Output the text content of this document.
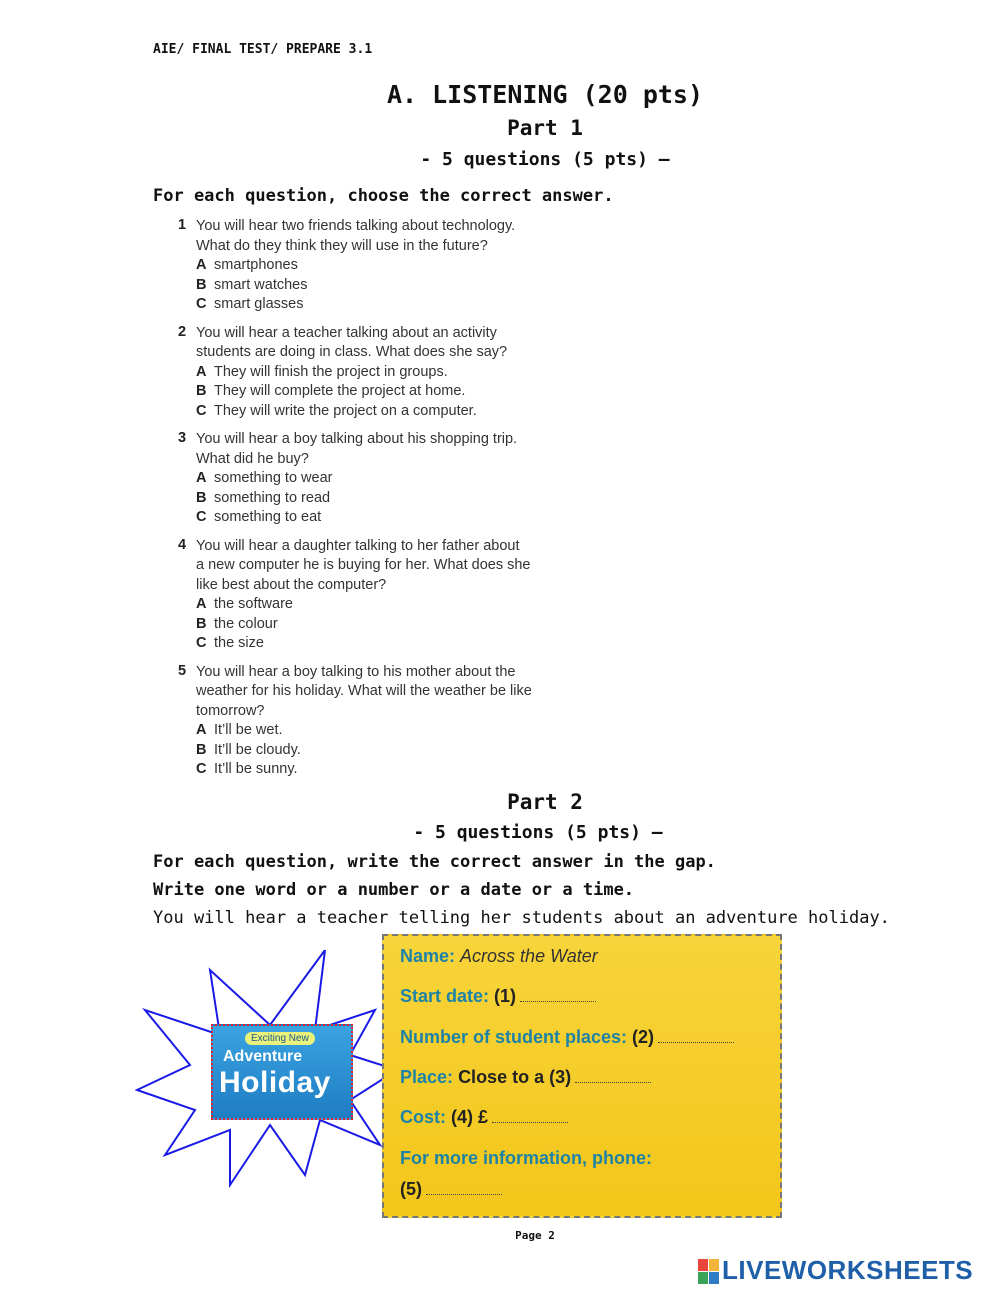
AIE/ FINAL TEST/ PREPARE 3.1
A. LISTENING (20 pts)
Part 1
- 5 questions (5 pts) –
For each question, choose the correct answer.
1 You will hear two friends talking about technology.
What do they think they will use in the future?
A smartphones
B smart watches
C smart glasses
2 You will hear a teacher talking about an activity
students are doing in class. What does she say?
A They will finish the project in groups.
B They will complete the project at home.
C They will write the project on a computer.
3 You will hear a boy talking about his shopping trip.
What did he buy?
A something to wear
B something to read
C something to eat
4 You will hear a daughter talking to her father about
a new computer he is buying for her. What does she
like best about the computer?
A the software
B the colour
C the size
5 You will hear a boy talking to his mother about the
weather for his holiday. What will the weather be like
tomorrow?
A It’ll be wet.
B It’ll be cloudy.
C It’ll be sunny.
Part 2
- 5 questions (5 pts) –
For each question, write the correct answer in the gap.
Write one word or a number or a date or a time.
You will hear a teacher telling her students about an adventure holiday.
Exciting New
Adventure
Holiday
Name: Across the Water
Start date: (1)
Number of student places: (2)
Place: Close to a (3)
Cost: (4) £
For more information, phone:
(5)
Page 2
LIVEWORKSHEETS
